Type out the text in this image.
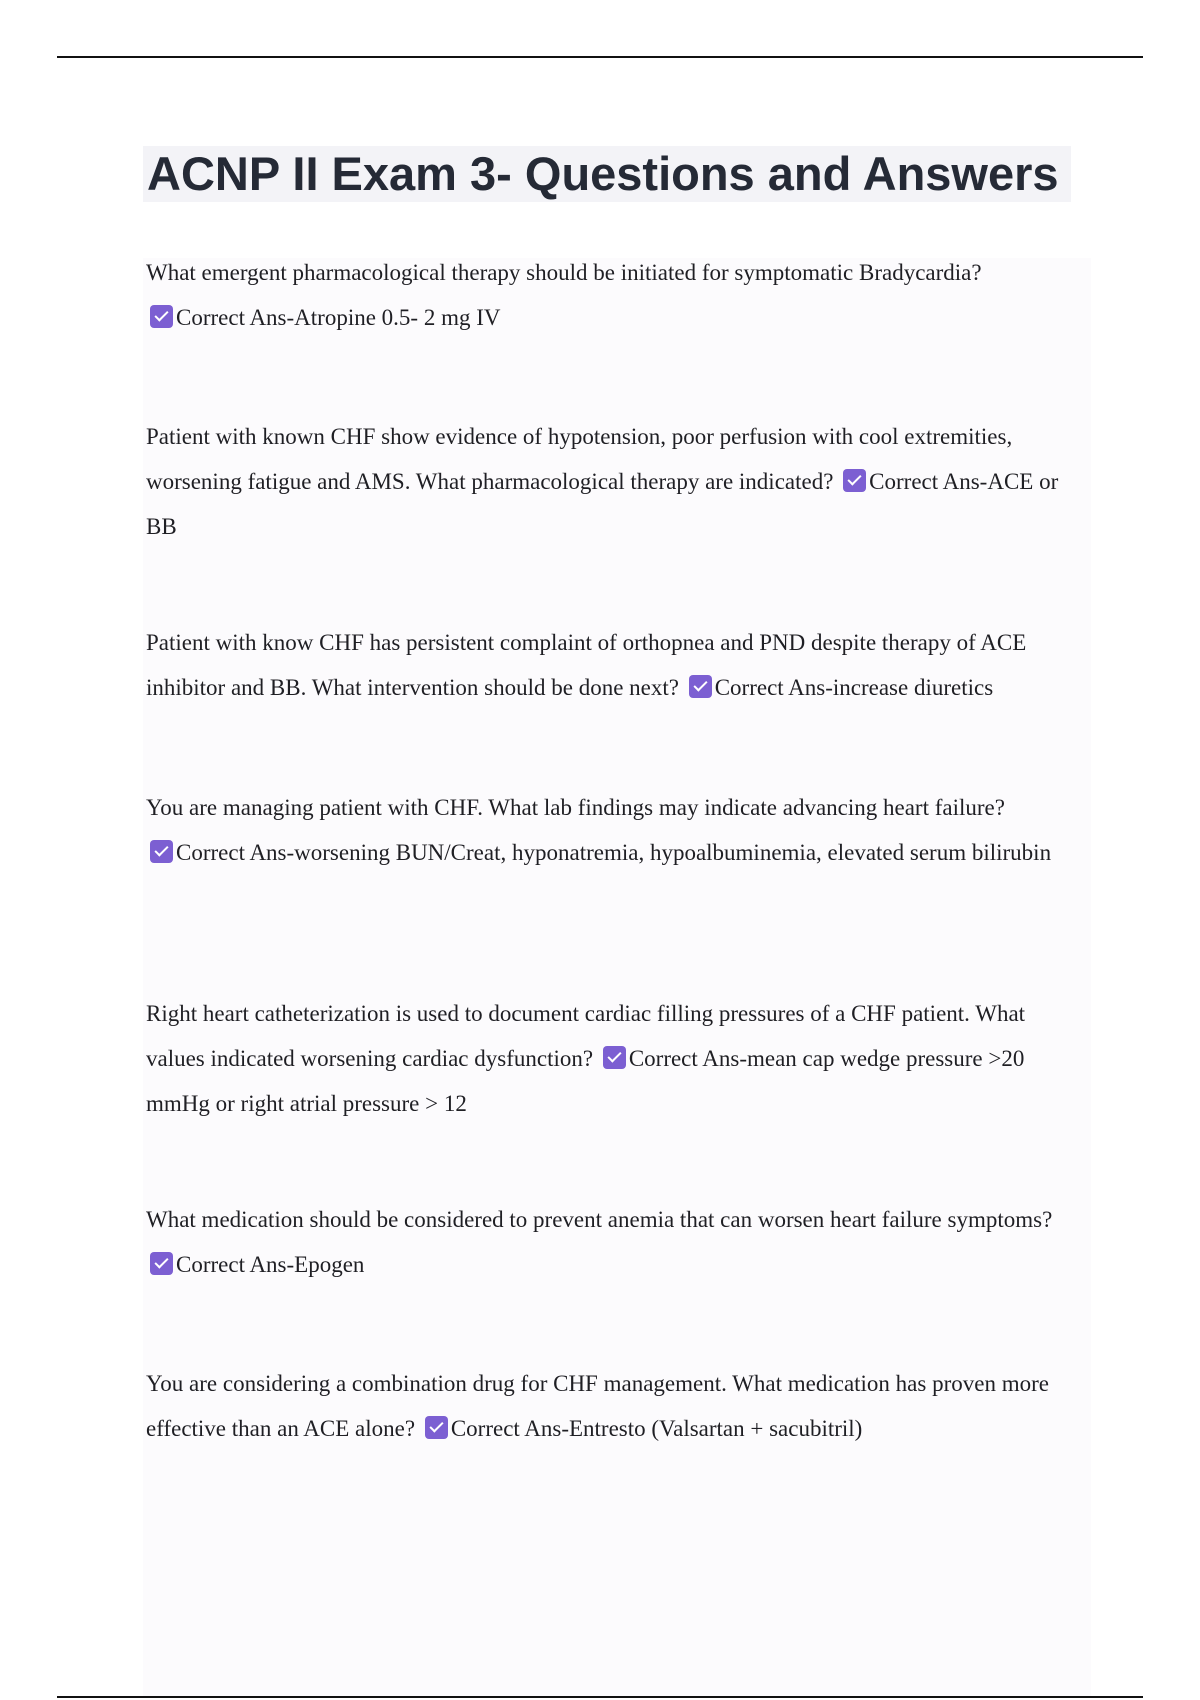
ACNP II Exam 3- Questions and Answers
What emergent pharmacological therapy should be initiated for symptomatic Bradycardia?
Correct Ans-Atropine 0.5- 2 mg IV
Patient with known CHF show evidence of hypotension, poor perfusion with cool extremities, worsening fatigue and AMS. What pharmacological therapy are indicated? Correct Ans-ACE or BB
Patient with know CHF has persistent complaint of orthopnea and PND despite therapy of ACE inhibitor and BB. What intervention should be done next? Correct Ans-increase diuretics
You are managing patient with CHF. What lab findings may indicate advancing heart failure?
Correct Ans-worsening BUN/Creat, hyponatremia, hypoalbuminemia, elevated serum bilirubin
Right heart catheterization is used to document cardiac filling pressures of a CHF patient. What values indicated worsening cardiac dysfunction? Correct Ans-mean cap wedge pressure >20 mmHg or right atrial pressure > 12
What medication should be considered to prevent anemia that can worsen heart failure symptoms? Correct Ans-Epogen
You are considering a combination drug for CHF management. What medication has proven more effective than an ACE alone? Correct Ans-Entresto (Valsartan + sacubitril)
